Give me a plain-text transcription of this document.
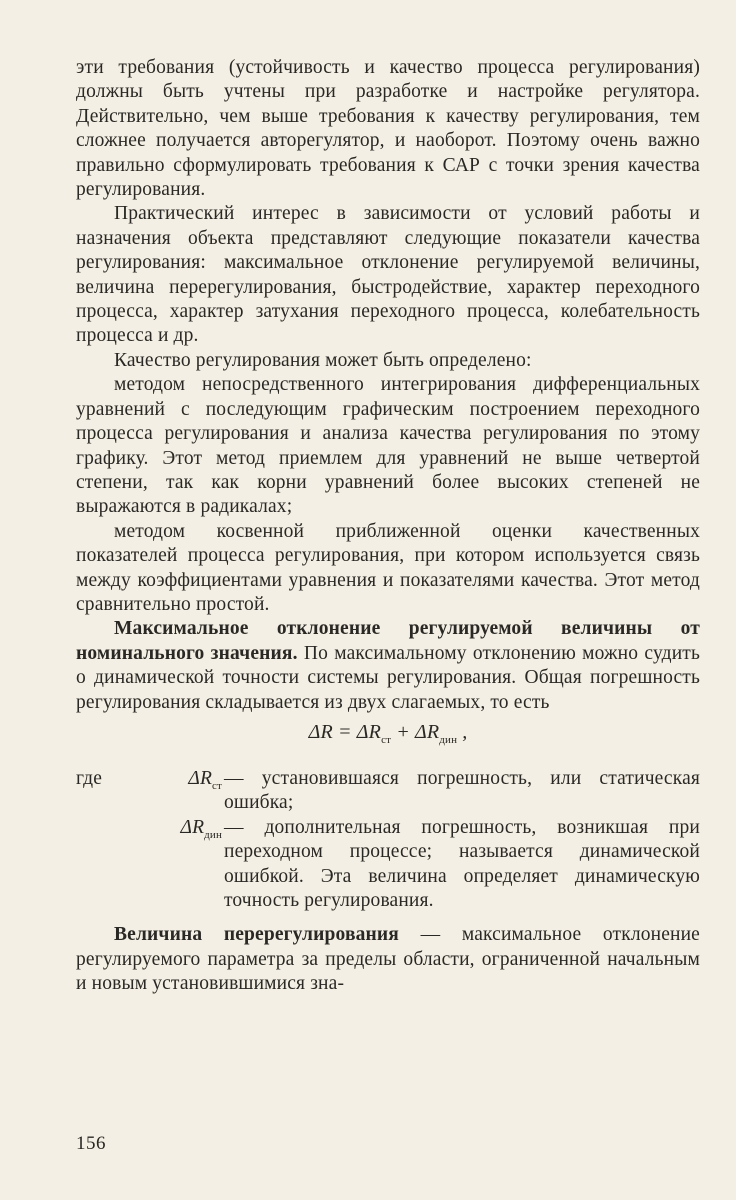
эти требования (устойчивость и качество процесса регулирования) должны быть учтены при разработке и настройке регулятора. Действительно, чем выше требования к качеству регулирования, тем сложнее получается авторегулятор, и наоборот. Поэтому очень важно правильно сформулировать требования к САР с точки зрения качества регулирования.

Практический интерес в зависимости от условий работы и назначения объекта представляют следующие показатели качества регулирования: максимальное отклонение регулируемой величины, величина перерегулирования, быстродействие, характер переходного процесса, характер затухания переходного процесса, колебательность процесса и др.

Качество регулирования может быть определено:

методом непосредственного интегрирования дифференциальных уравнений с последующим графическим построением переходного процесса регулирования и анализа качества регулирования по этому графику. Этот метод приемлем для уравнений не выше четвертой степени, так как корни уравнений более высоких степеней не выражаются в радикалах;

методом косвенной приближенной оценки качественных показателей процесса регулирования, при котором используется связь между коэффициентами уравнения и показателями качества. Этот метод сравнительно простой.

Максимальное отклонение регулируемой величины от номинального значения. По максимальному отклонению можно судить о динамической точности системы регулирования. Общая погрешность регулирования складывается из двух слагаемых, то есть

$\Delta R = \Delta R_{ст} + \Delta R_{дин}$ ,
где	$\Delta R_{ст}$ — установившаяся погрешность, или статическая ошибка;
$\Delta R_{дин}$ — дополнительная погрешность, возникшая при переходном процессе; называется динамической ошибкой. Эта величина определяет динамическую точность регулирования.

Величина перерегулирования — максимальное отклонение регулируемого параметра за пределы области, ограниченной начальным и новым установившимися зна-

156
